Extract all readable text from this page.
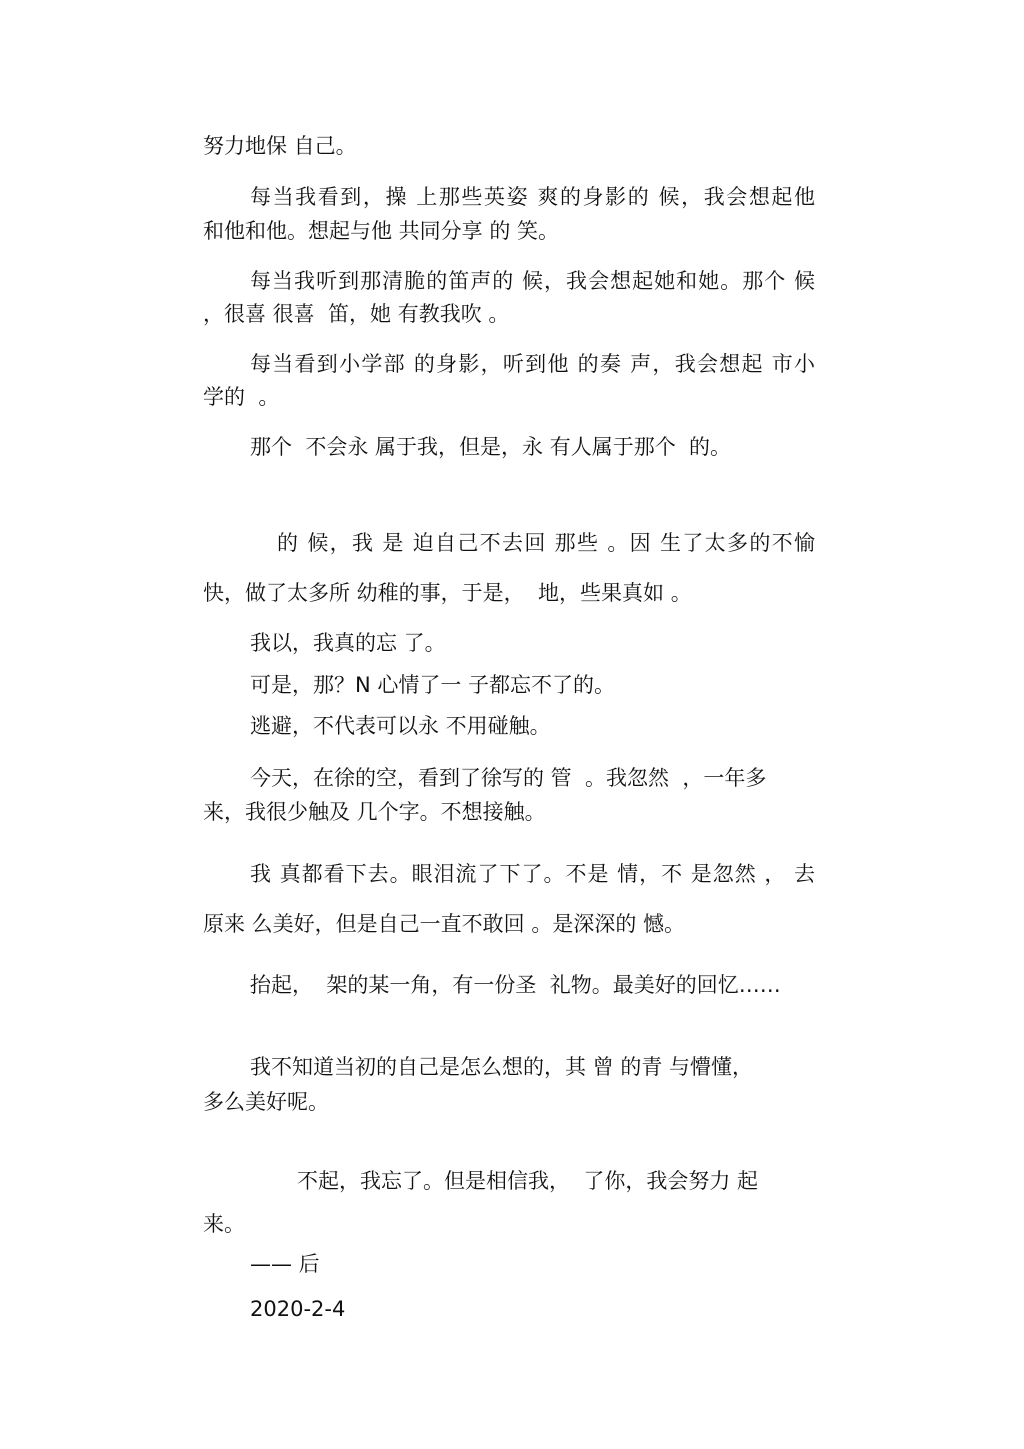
努力地保 自己。
每当我看到，操 上那些英姿 爽的身影的 候，我会想起他
和他和他。想起与他 共同分享 的 笑。
每当我听到那清脆的笛声的 候，我会想起她和她。那个 候
，很喜 很喜  笛，她 有教我吹 。
每当看到小学部 的身影，听到他 的奏 声，我会想起 市小
学的  。
那个  不会永 属于我，但是，永 有人属于那个  的。
的 候，我 是 迫自己不去回 那些 。因 生了太多的不愉
快，做了太多所 幼稚的事，于是，  地，些果真如 。
我以，我真的忘 了。
可是，那？N 心情了一 子都忘不了的。
逃避，不代表可以永 不用碰触。
今天，在徐的空，看到了徐写的 管  。我忽然  ，一年多
来，我很少触及 几个字。不想接触。
我 真都看下去。眼泪流了下了。不是 情，不 是忽然 ， 去
原来 么美好，但是自己一直不敢回 。是深深的 憾。
抬起，  架的某一角，有一份圣  礼物。最美好的回忆……
我不知道当初的自己是怎么想的，其 曾 的青 与懵懂，
多么美好呢。
不起，我忘了。但是相信我，  了你，我会努力 起
来。
—— 后
2020-2-4
